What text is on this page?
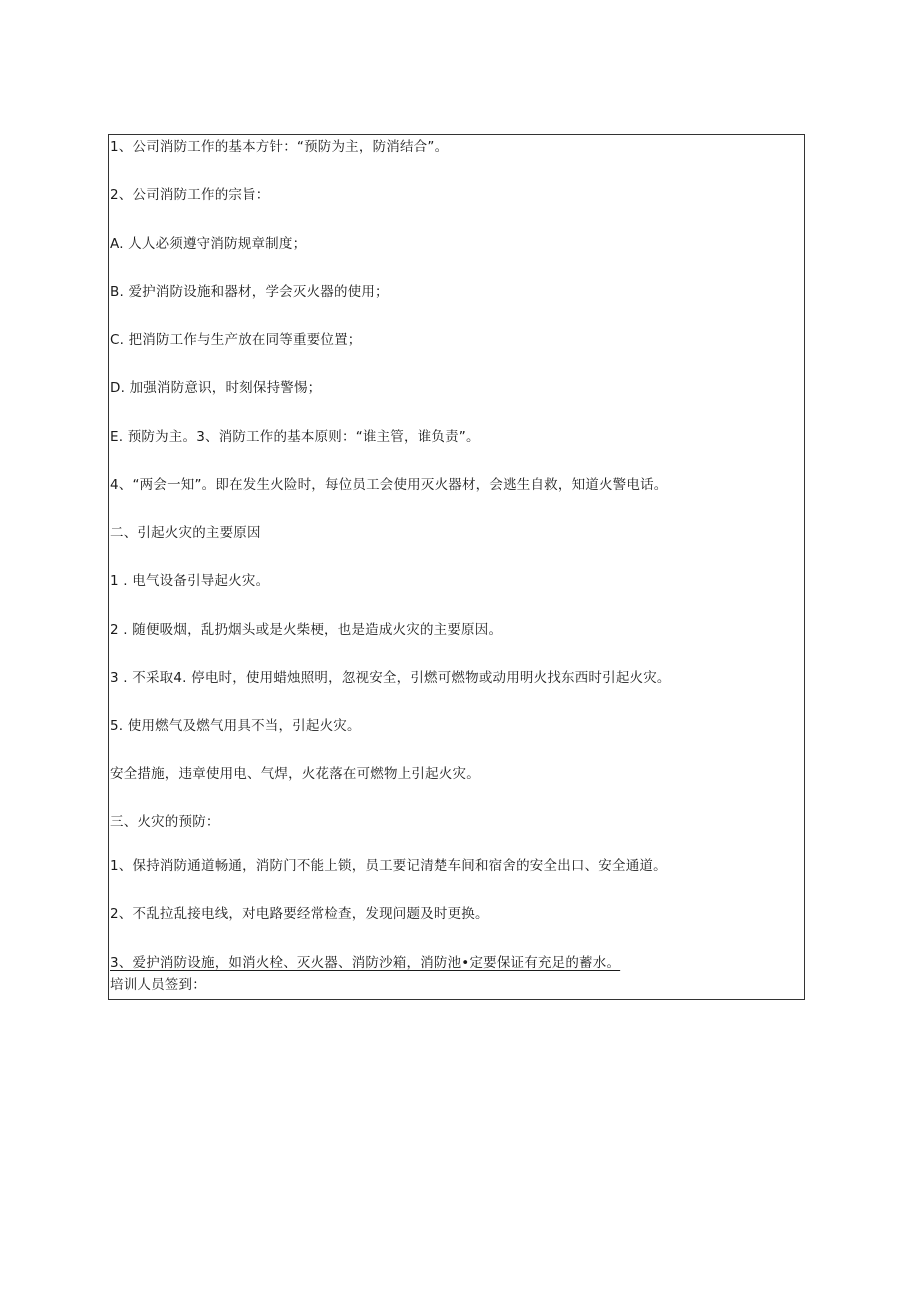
1、公司消防工作的基本方针：“预防为主，防消结合”。
2、公司消防工作的宗旨：
A. 人人必须遵守消防规章制度；
B. 爱护消防设施和器材，学会灭火器的使用；
C. 把消防工作与生产放在同等重要位置；
D. 加强消防意识，时刻保持警惕；
E. 预防为主。3、消防工作的基本原则：“谁主管，谁负责”。
4、“两会一知”。即在发生火险时，每位员工会使用灭火器材，会逃生自救，知道火警电话。
二、引起火灾的主要原因
1 . 电气设备引导起火灾。
2 . 随便吸烟，乱扔烟头或是火柴梗，也是造成火灾的主要原因。
3 . 不采取4. 停电时，使用蜡烛照明，忽视安全，引燃可燃物或动用明火找东西时引起火灾。
5. 使用燃气及燃气用具不当，引起火灾。
安全措施，违章使用电、气焊，火花落在可燃物上引起火灾。
三、火灾的预防：
1、保持消防通道畅通，消防门不能上锁，员工要记清楚车间和宿舍的安全出口、安全通道。
2、不乱拉乱接电线，对电路要经常检查，发现问题及时更换。
3、爱护消防设施，如消火栓、灭火器、消防沙箱，消防池•定要保证有充足的蓄水。
培训人员签到：
